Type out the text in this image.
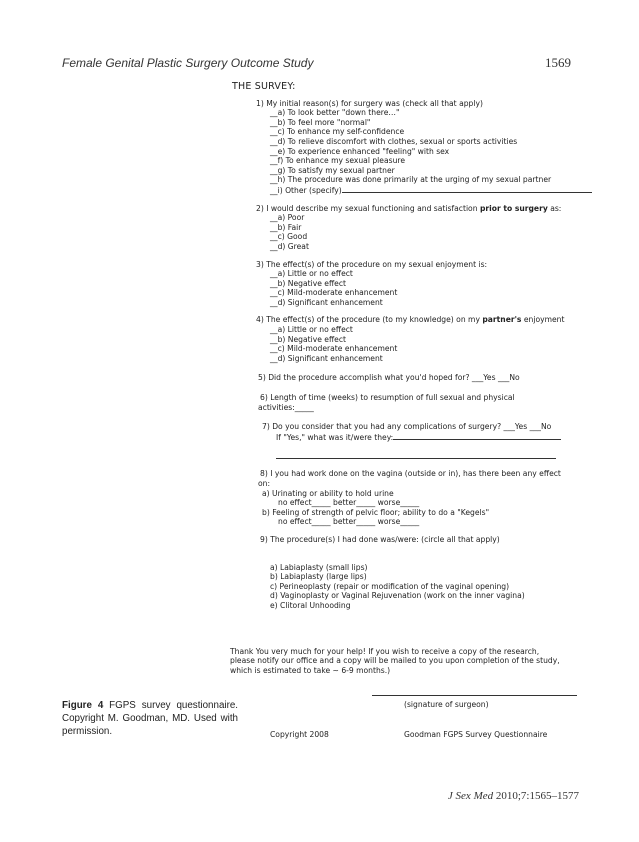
Female Genital Plastic Surgery Outcome Study	1569
THE SURVEY:
1) My initial reason(s) for surgery was (check all that apply)
__a) To look better "down there…"
__b) To feel more "normal"
__c) To enhance my self-confidence
__d) To relieve discomfort with clothes, sexual or sports activities
__e) To experience enhanced "feeling" with sex
__f) To enhance my sexual pleasure
__g) To satisfy my sexual partner
__h) The procedure was done primarily at the urging of my sexual partner
__i) Other (specify)
2) I would describe my sexual functioning and satisfaction prior to surgery as:
__a) Poor
__b) Fair
__c) Good
__d) Great
3) The effect(s) of the procedure on my sexual enjoyment is:
__a) Little or no effect
__b) Negative effect
__c) Mild-moderate enhancement
__d) Significant enhancement
4) The effect(s) of the procedure (to my knowledge) on my partner's enjoyment
__a) Little or no effect
__b) Negative effect
__c) Mild-moderate enhancement
__d) Significant enhancement
5) Did the procedure accomplish what you'd hoped for? ___Yes ___No
6) Length of time (weeks) to resumption of full sexual and physical
activities:_____
7) Do you consider that you had any complications of surgery? ___Yes ___No
If "Yes," what was it/were they:
8) I you had work done on the vagina (outside or in), has there been any effect
on:
a) Urinating or ability to hold urine
no effect_____ better_____ worse_____
b) Feeling of strength of pelvic floor; ability to do a "Kegels"
no effect_____ better_____ worse_____
9) The procedure(s) I had done was/were: (circle all that apply)
a) Labiaplasty (small lips)
b) Labiaplasty (large lips)
c) Perineoplasty (repair or modification of the vaginal opening)
d) Vaginoplasty or Vaginal Rejuvenation (work on the inner vagina)
e) Clitoral Unhooding
Thank You very much for your help! If you wish to receive a copy of the research, please notify our office and a copy will be mailed to you upon completion of the study, which is estimated to take ~ 6-9 months.)
(signature of surgeon)
Copyright 2008	Goodman FGPS Survey Questionnaire
Figure 4 FGPS survey questionnaire. Copyright M. Goodman, MD. Used with permission.
J Sex Med 2010;7:1565–1577
